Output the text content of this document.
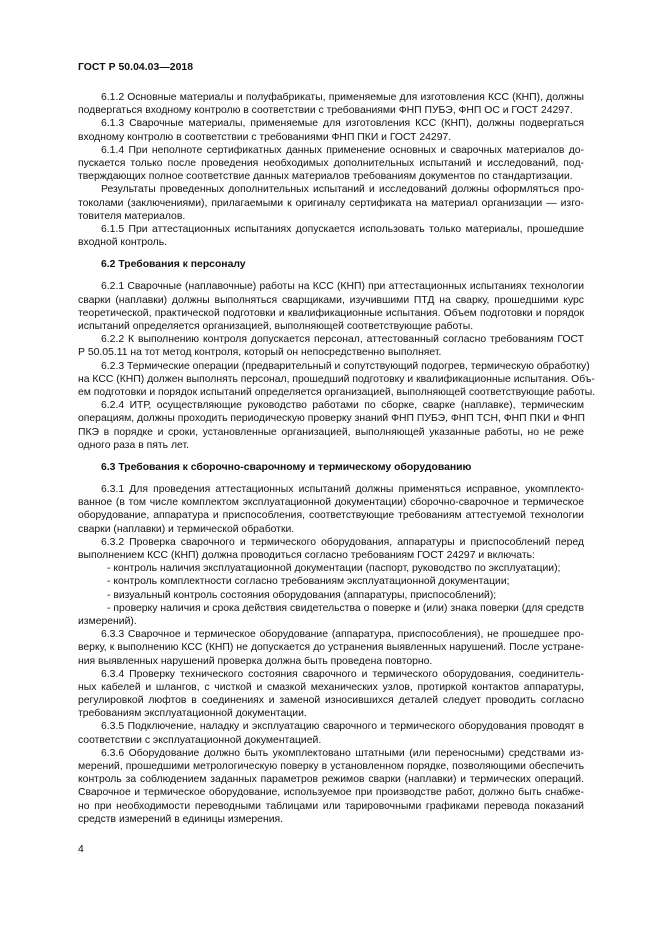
ГОСТ Р 50.04.03—2018
6.1.2 Основные материалы и полуфабрикаты, применяемые для изготовления КСС (КНП), должны
подвергаться входному контролю в соответствии с требованиями ФНП ПУБЭ, ФНП ОС и ГОСТ 24297.
6.1.3 Сварочные материалы, применяемые для изготовления КСС (КНП), должны подвергаться
входному контролю в соответствии с требованиями ФНП ПКИ и ГОСТ 24297.
6.1.4 При неполноте сертификатных данных применение основных и сварочных материалов до-
пускается только после проведения необходимых дополнительных испытаний и исследований, под-
тверждающих полное соответствие данных материалов требованиям документов по стандартизации.
Результаты проведенных дополнительных испытаний и исследований должны оформляться про-
токолами (заключениями), прилагаемыми к оригиналу сертификата на материал организации — изго-
товителя материалов.
6.1.5 При аттестационных испытаниях допускается использовать только материалы, прошедшие
входной контроль.
6.2 Требования к персоналу
6.2.1 Сварочные (наплавочные) работы на КСС (КНП) при аттестационных испытаниях технологии
сварки (наплавки) должны выполняться сварщиками, изучившими ПТД на сварку, прошедшими курс
теоретической, практической подготовки и квалификационные испытания. Объем подготовки и порядок
испытаний определяется организацией, выполняющей соответствующие работы.
6.2.2 К выполнению контроля допускается персонал, аттестованный согласно требованиям ГОСТ
Р 50.05.11 на тот метод контроля, который он непосредственно выполняет.
6.2.3 Термические операции (предварительный и сопутствующий подогрев, термическую обработку)
на КСС (КНП) должен выполнять персонал, прошедший подготовку и квалификационные испытания. Объ-
ем подготовки и порядок испытаний определяется организацией, выполняющей соответствующие работы.
6.2.4 ИТР, осуществляющие руководство работами по сборке, сварке (наплавке), термическим
операциям, должны проходить периодическую проверку знаний ФНП ПУБЭ, ФНП ТСН, ФНП ПКИ и ФНП
ПКЭ в порядке и сроки, установленные организацией, выполняющей указанные работы, но не реже
одного раза в пять лет.
6.3 Требования к сборочно-сварочному и термическому оборудованию
6.3.1 Для проведения аттестационных испытаний должны применяться исправное, укомплекто-
ванное (в том числе комплектом эксплуатационной документации) сборочно-сварочное и термическое
оборудование, аппаратура и приспособления, соответствующие требованиям аттестуемой технологии
сварки (наплавки) и термической обработки.
6.3.2 Проверка сварочного и термического оборудования, аппаратуры и приспособлений перед
выполнением КСС (КНП) должна проводиться согласно требованиям ГОСТ 24297 и включать:
- контроль наличия эксплуатационной документации (паспорт, руководство по эксплуатации);
- контроль комплектности согласно требованиям эксплуатационной документации;
- визуальный контроль состояния оборудования (аппаратуры, приспособлений);
- проверку наличия и срока действия свидетельства о поверке и (или) знака поверки (для средств
измерений).
6.3.3 Сварочное и термическое оборудование (аппаратура, приспособления), не прошедшее про-
верку, к выполнению КСС (КНП) не допускается до устранения выявленных нарушений. После устране-
ния выявленных нарушений проверка должна быть проведена повторно.
6.3.4 Проверку технического состояния сварочного и термического оборудования, соединитель-
ных кабелей и шлангов, с чисткой и смазкой механических узлов, протиркой контактов аппаратуры,
регулировкой люфтов в соединениях и заменой износившихся деталей следует проводить согласно
требованиям эксплуатационной документации.
6.3.5 Подключение, наладку и эксплуатацию сварочного и термического оборудования проводят в
соответствии с эксплуатационной документацией.
6.3.6 Оборудование должно быть укомплектовано штатными (или переносными) средствами из-
мерений, прошедшими метрологическую поверку в установленном порядке, позволяющими обеспечить
контроль за соблюдением заданных параметров режимов сварки (наплавки) и термических операций.
Сварочное и термическое оборудование, используемое при производстве работ, должно быть снабже-
но при необходимости переводными таблицами или тарировочными графиками перевода показаний
средств измерений в единицы измерения.
4
